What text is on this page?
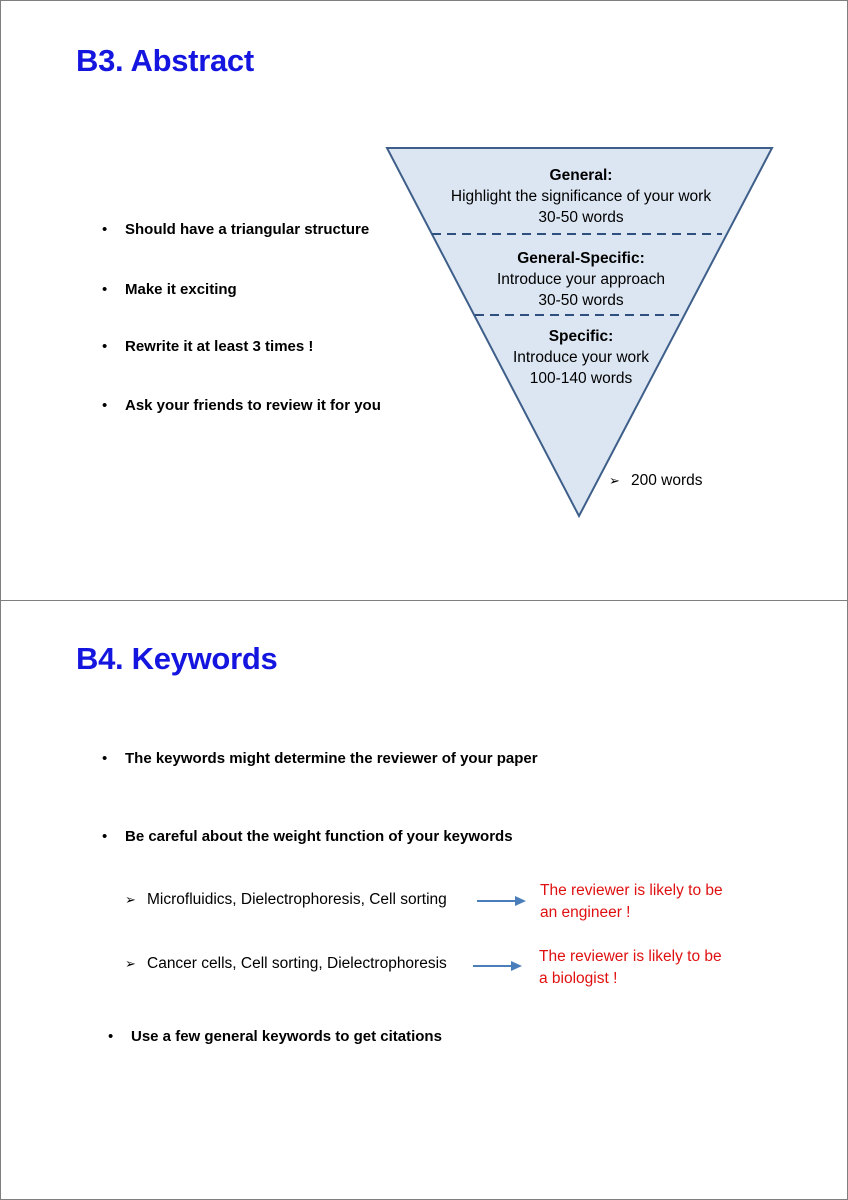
B3. Abstract
• Should have a triangular structure
• Make it exciting
• Rewrite it at least 3 times !
• Ask your friends to review it for you
General:
Highlight the significance of your work
30-50 words
General-Specific:
Introduce your approach
30-50 words
Specific:
Introduce your work
100-140 words
➢ 200 words
B4. Keywords
• The keywords might determine the reviewer of your paper
• Be careful about the weight function of your keywords
➢ Microfluidics, Dielectrophoresis, Cell sorting
➢ Cancer cells, Cell sorting, Dielectrophoresis
The reviewer is likely to be
an engineer !
The reviewer is likely to be
a biologist !
• Use a few general keywords to get citations
